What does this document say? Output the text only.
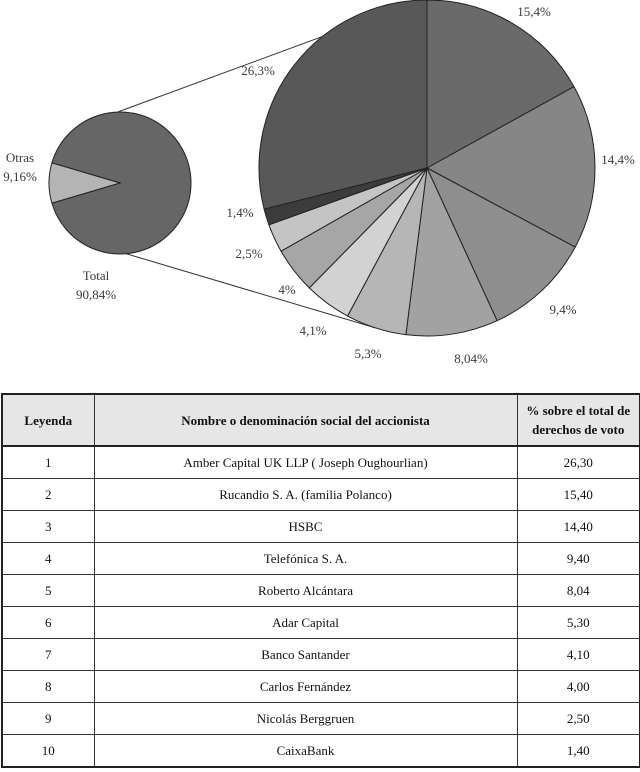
26,3%
15,4%
14,4%
9,4%
8,04%
5,3%
4,1%
4%
2,5%
1,4%
Otras
9,16%
Total
90,84%
Leyenda	Nombre o denominación social del accionista	% sobre el total de
derechos de voto
1	Amber Capital UK LLP ( Joseph Oughourlian)	26,30
2	Rucandio S. A. (familia Polanco)	15,40
3	HSBC	14,40
4	Telefónica S. A.	9,40
5	Roberto Alcántara	8,04
6	Adar Capital	5,30
7	Banco Santander	4,10
8	Carlos Fernández	4,00
9	Nicolás Berggruen	2,50
10	CaixaBank	1,40
